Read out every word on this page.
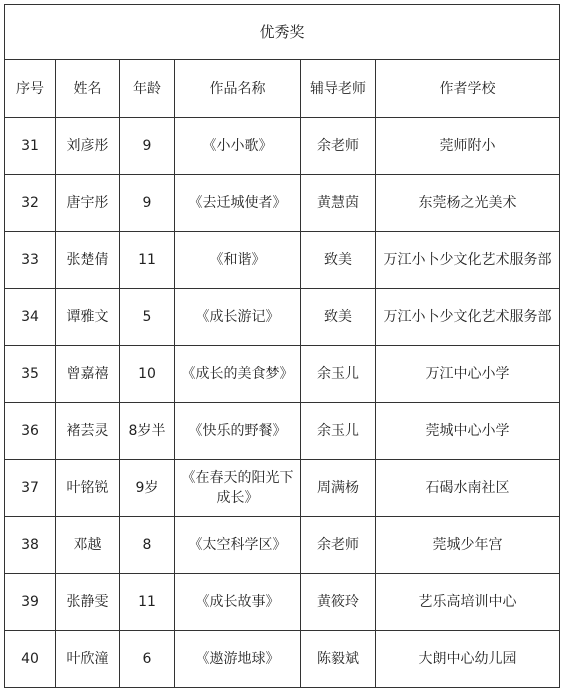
优秀奖					
序号	姓名	年龄	作品名称	辅导老师	作者学校
31	刘彦彤	9	《小小歌》	余老师	莞师附小
32	唐宇彤	9	《去迁城使者》	黄慧茵	东莞杨之光美术
33	张楚倩	11	《和谐》	致美	万江小卜少文化艺术服务部
34	谭雅文	5	《成长游记》	致美	万江小卜少文化艺术服务部
35	曾嘉禧	10	《成长的美食梦》	余玉儿	万江中心小学
36	褚芸灵	8岁半	《快乐的野餐》	余玉儿	莞城中心小学
37	叶铭锐	9岁	《在春天的阳光下成长》	周满杨	石碣水南社区
38	邓越	8	《太空科学区》	余老师	莞城少年宫
39	张静雯	11	《成长故事》	黄筱玲	艺乐高培训中心
40	叶欣潼	6	《遨游地球》	陈毅斌	大朗中心幼儿园
